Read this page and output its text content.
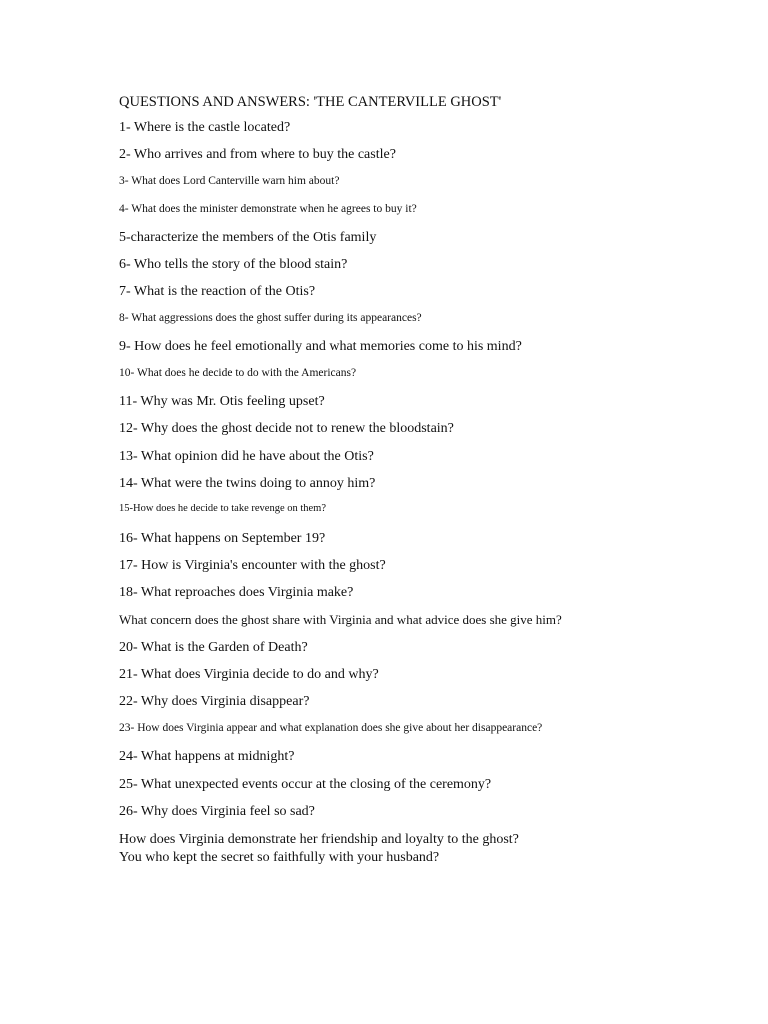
QUESTIONS AND ANSWERS: 'THE CANTERVILLE GHOST'
1- Where is the castle located?
2- Who arrives and from where to buy the castle?
3- What does Lord Canterville warn him about?
4- What does the minister demonstrate when he agrees to buy it?
5-characterize the members of the Otis family
6- Who tells the story of the blood stain?
7- What is the reaction of the Otis?
8- What aggressions does the ghost suffer during its appearances?
9- How does he feel emotionally and what memories come to his mind?
10- What does he decide to do with the Americans?
11- Why was Mr. Otis feeling upset?
12- Why does the ghost decide not to renew the bloodstain?
13- What opinion did he have about the Otis?
14- What were the twins doing to annoy him?
15-How does he decide to take revenge on them?
16- What happens on September 19?
17- How is Virginia's encounter with the ghost?
18- What reproaches does Virginia make?
What concern does the ghost share with Virginia and what advice does she give him?
20- What is the Garden of Death?
21- What does Virginia decide to do and why?
22- Why does Virginia disappear?
23- How does Virginia appear and what explanation does she give about her disappearance?
24- What happens at midnight?
25- What unexpected events occur at the closing of the ceremony?
26- Why does Virginia feel so sad?
How does Virginia demonstrate her friendship and loyalty to the ghost?
You who kept the secret so faithfully with your husband?
